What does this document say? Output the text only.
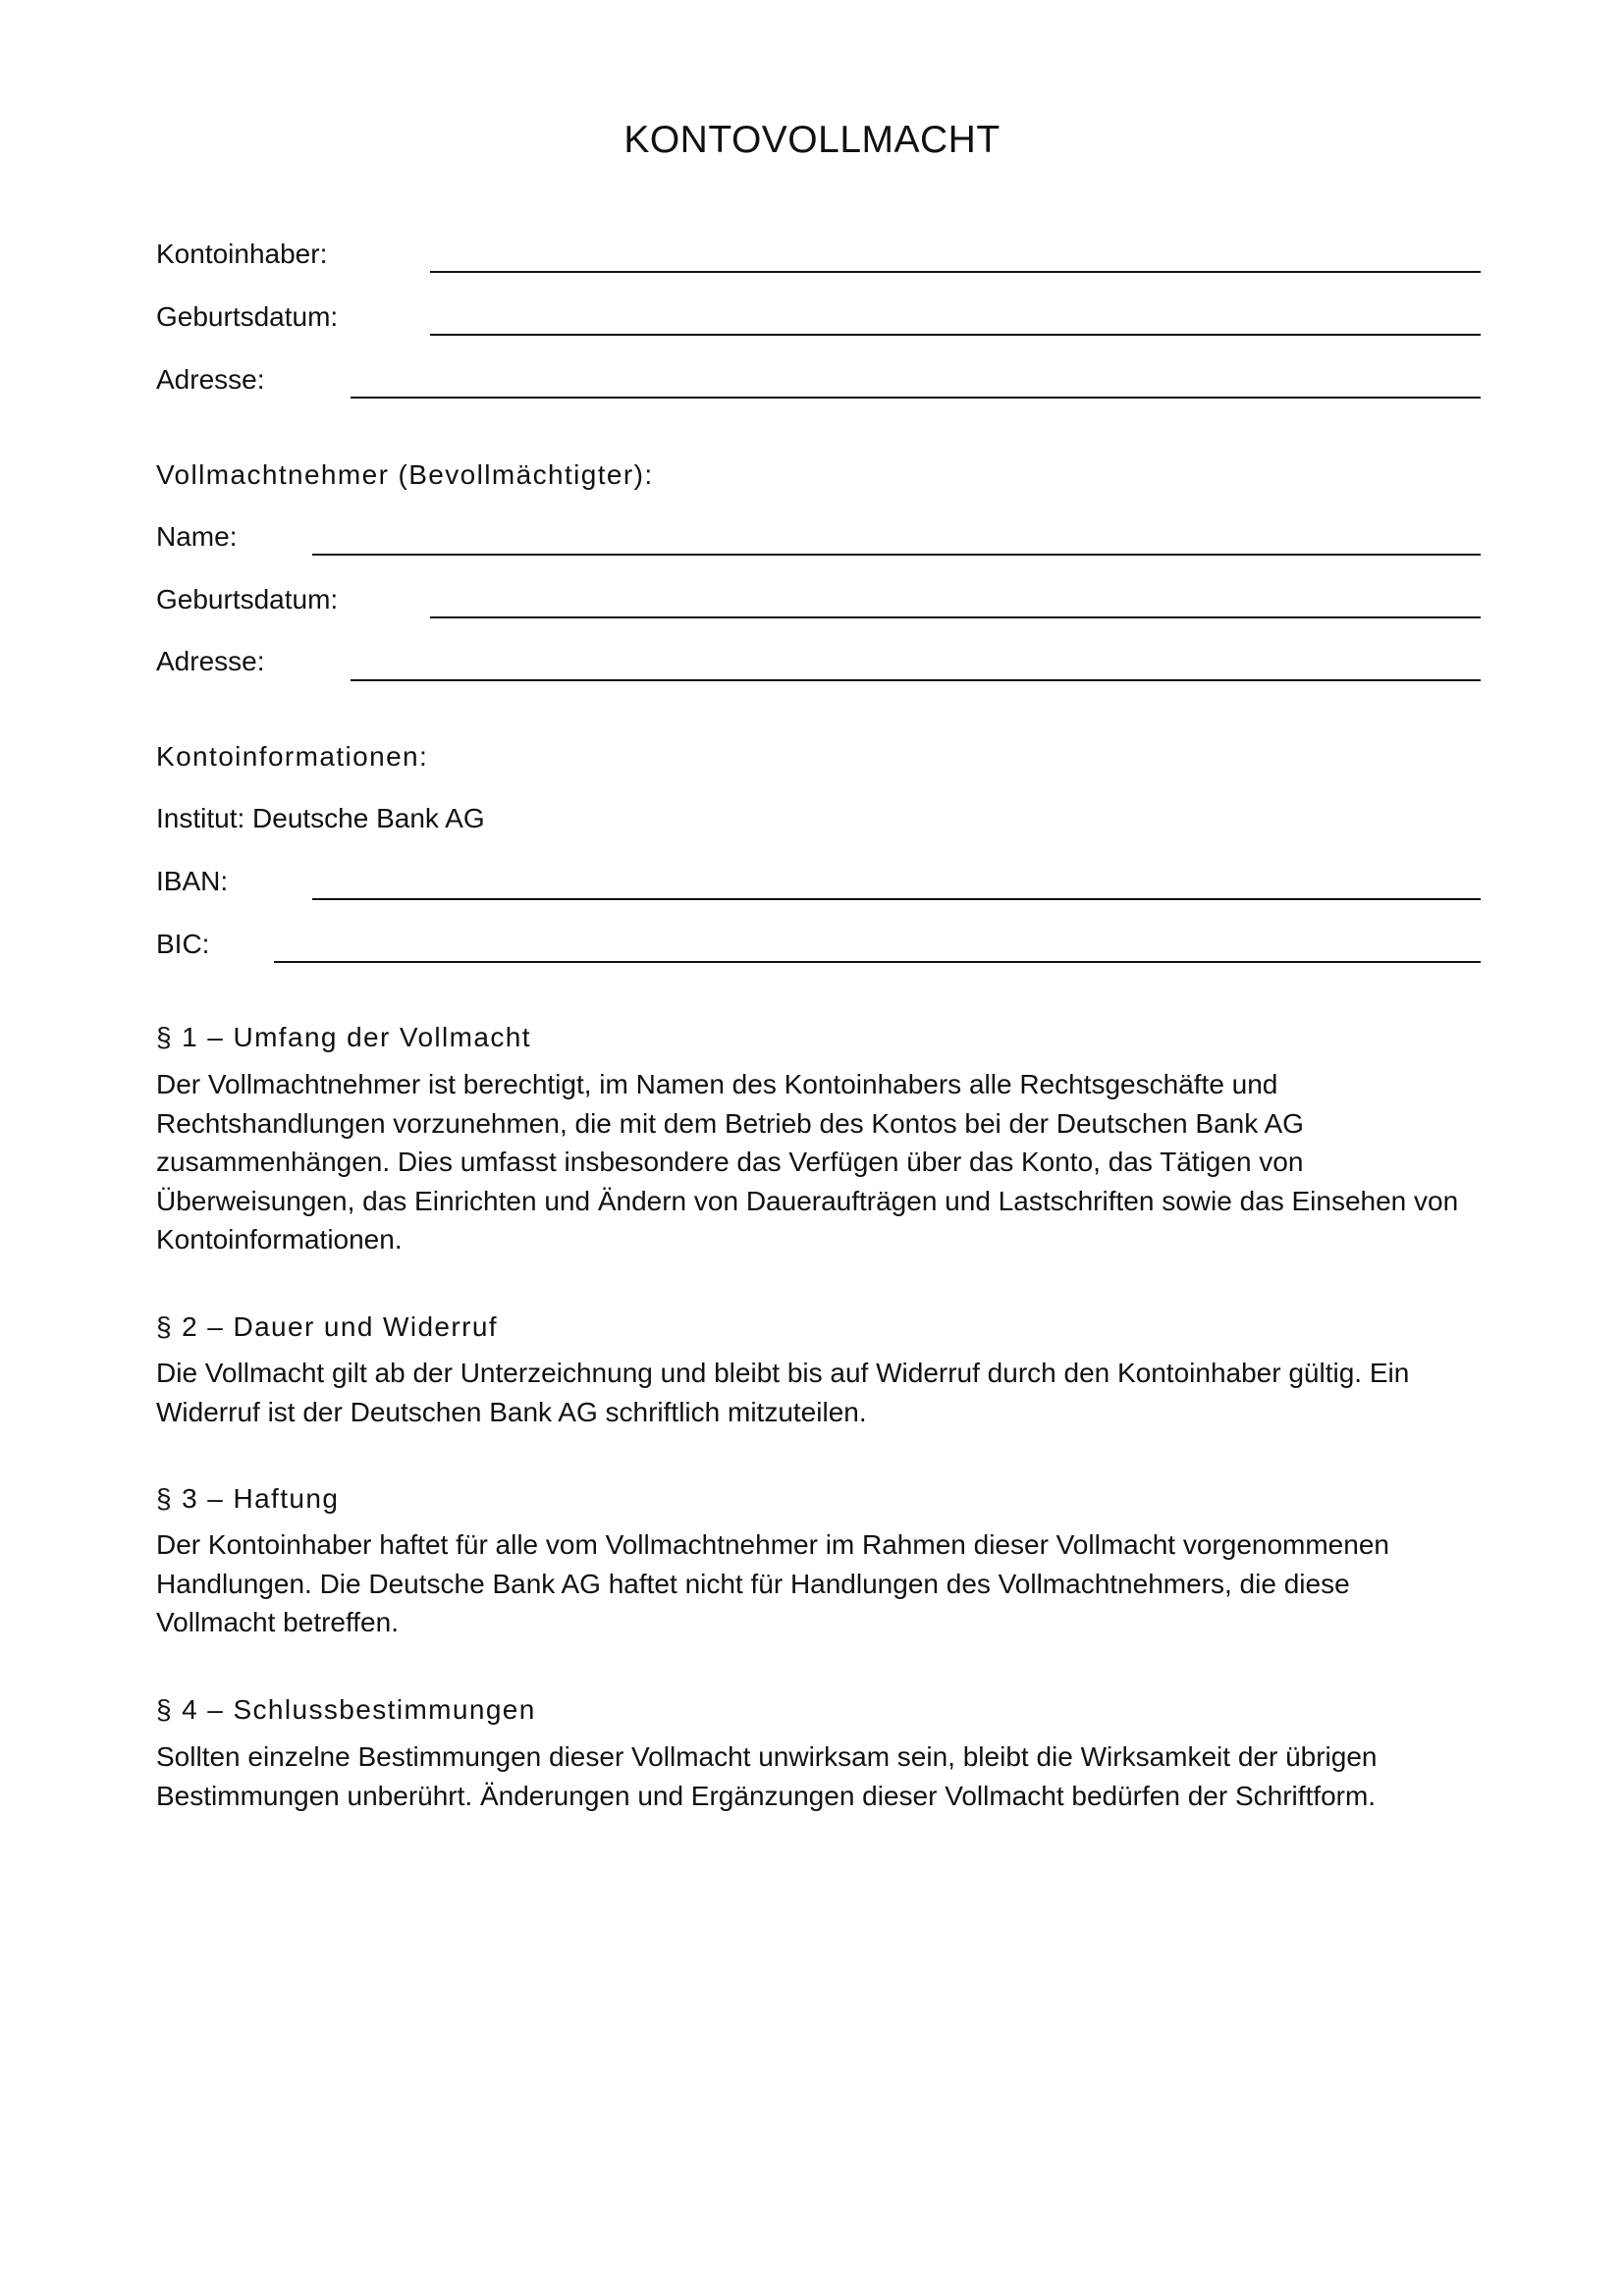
KONTOVOLLMACHT
Kontoinhaber:
Geburtsdatum:
Adresse:
Vollmachtnehmer (Bevollmächtigter):
Name:
Geburtsdatum:
Adresse:
Kontoinformationen:
Institut: Deutsche Bank AG
IBAN:
BIC:
§ 1 – Umfang der Vollmacht
Der Vollmachtnehmer ist berechtigt, im Namen des Kontoinhabers alle Rechtsgeschäfte und
Rechtshandlungen vorzunehmen, die mit dem Betrieb des Kontos bei der Deutschen Bank AG
zusammenhängen. Dies umfasst insbesondere das Verfügen über das Konto, das Tätigen von
Überweisungen, das Einrichten und Ändern von Daueraufträgen und Lastschriften sowie das Einsehen von
Kontoinformationen.
§ 2 – Dauer und Widerruf
Die Vollmacht gilt ab der Unterzeichnung und bleibt bis auf Widerruf durch den Kontoinhaber gültig. Ein
Widerruf ist der Deutschen Bank AG schriftlich mitzuteilen.
§ 3 – Haftung
Der Kontoinhaber haftet für alle vom Vollmachtnehmer im Rahmen dieser Vollmacht vorgenommenen
Handlungen. Die Deutsche Bank AG haftet nicht für Handlungen des Vollmachtnehmers, die diese
Vollmacht betreffen.
§ 4 – Schlussbestimmungen
Sollten einzelne Bestimmungen dieser Vollmacht unwirksam sein, bleibt die Wirksamkeit der übrigen
Bestimmungen unberührt. Änderungen und Ergänzungen dieser Vollmacht bedürfen der Schriftform.
